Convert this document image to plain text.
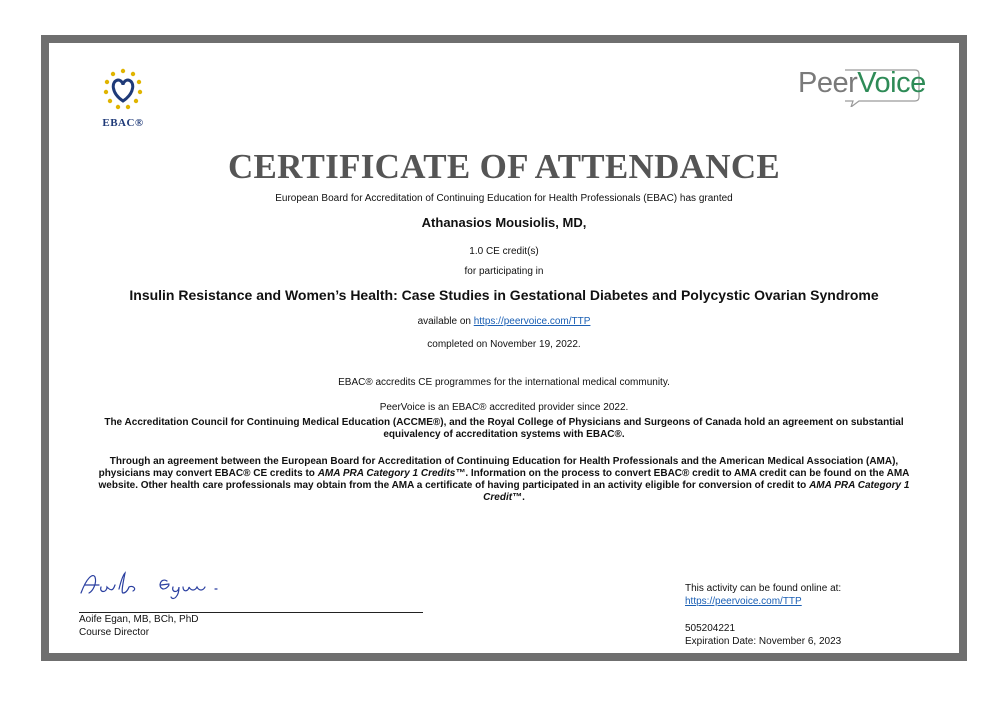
EBAC®
PeerVoice
CERTIFICATE OF ATTENDANCE
European Board for Accreditation of Continuing Education for Health Professionals (EBAC) has granted
Athanasios Mousiolis, MD,
1.0 CE credit(s)
for participating in
Insulin Resistance and Women’s Health: Case Studies in Gestational Diabetes and Polycystic Ovarian Syndrome
available on https://peervoice.com/TTP
completed on November 19, 2022.
EBAC® accredits CE programmes for the international medical community.
PeerVoice is an EBAC® accredited provider since 2022.
The Accreditation Council for Continuing Medical Education (ACCME®), and the Royal College of Physicians and Surgeons of Canada hold an agreement on substantial equivalency of accreditation systems with EBAC®.
Through an agreement between the European Board for Accreditation of Continuing Education for Health Professionals and the American Medical Association (AMA), physicians may convert EBAC® CE credits to AMA PRA Category 1 Credits™. Information on the process to convert EBAC® credit to AMA credit can be found on the AMA website. Other health care professionals may obtain from the AMA a certificate of having participated in an activity eligible for conversion of credit to AMA PRA Category 1 Credit™.
Aoife Egan, MB, BCh, PhD
Course Director
This activity can be found online at:
https://peervoice.com/TTP
505204221
Expiration Date: November 6, 2023
